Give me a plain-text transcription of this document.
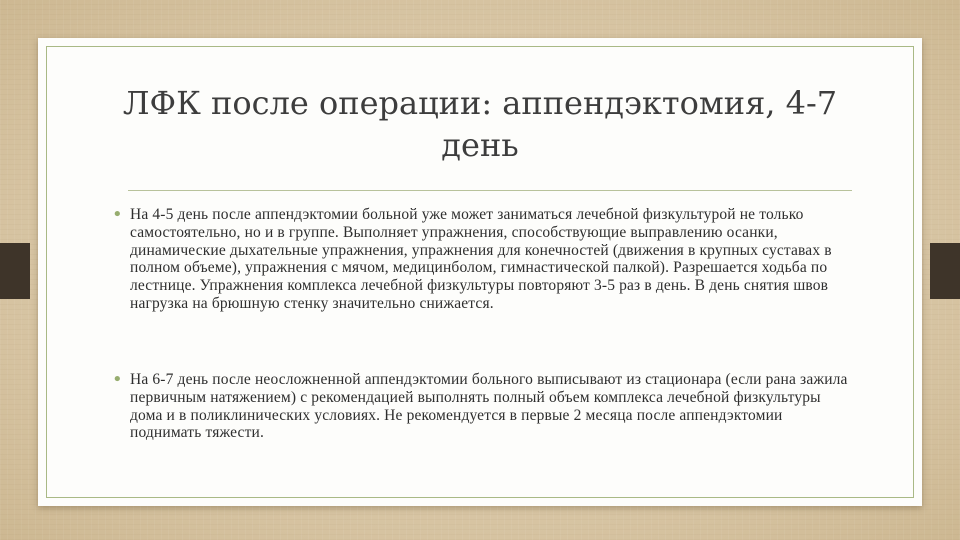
ЛФК после операции: аппендэктомия, 4-7 день
• На 4-5 день после аппендэктомии больной уже может заниматься лечебной физкультурой не только самостоятельно, но и в группе. Выполняет упражнения, способствующие выправлению осанки, динамические дыхательные упражнения, упражнения для конечностей (движения в крупных суставах в полном объеме), упражнения с мячом, медицинболом, гимнастической палкой). Разрешается ходьба по лестнице. Упражнения комплекса лечебной физкультуры повторяют 3-5 раз в день. В день снятия швов нагрузка на брюшную стенку значительно снижается.
• На 6-7 день после неосложненной аппендэктомии больного выписывают из стационара (если рана зажила первичным натяжением) с рекомендацией выполнять полный объем комплекса лечебной физкультуры дома и в поликлинических условиях. Не рекомендуется в первые 2 месяца после аппендэктомии поднимать тяжести.
